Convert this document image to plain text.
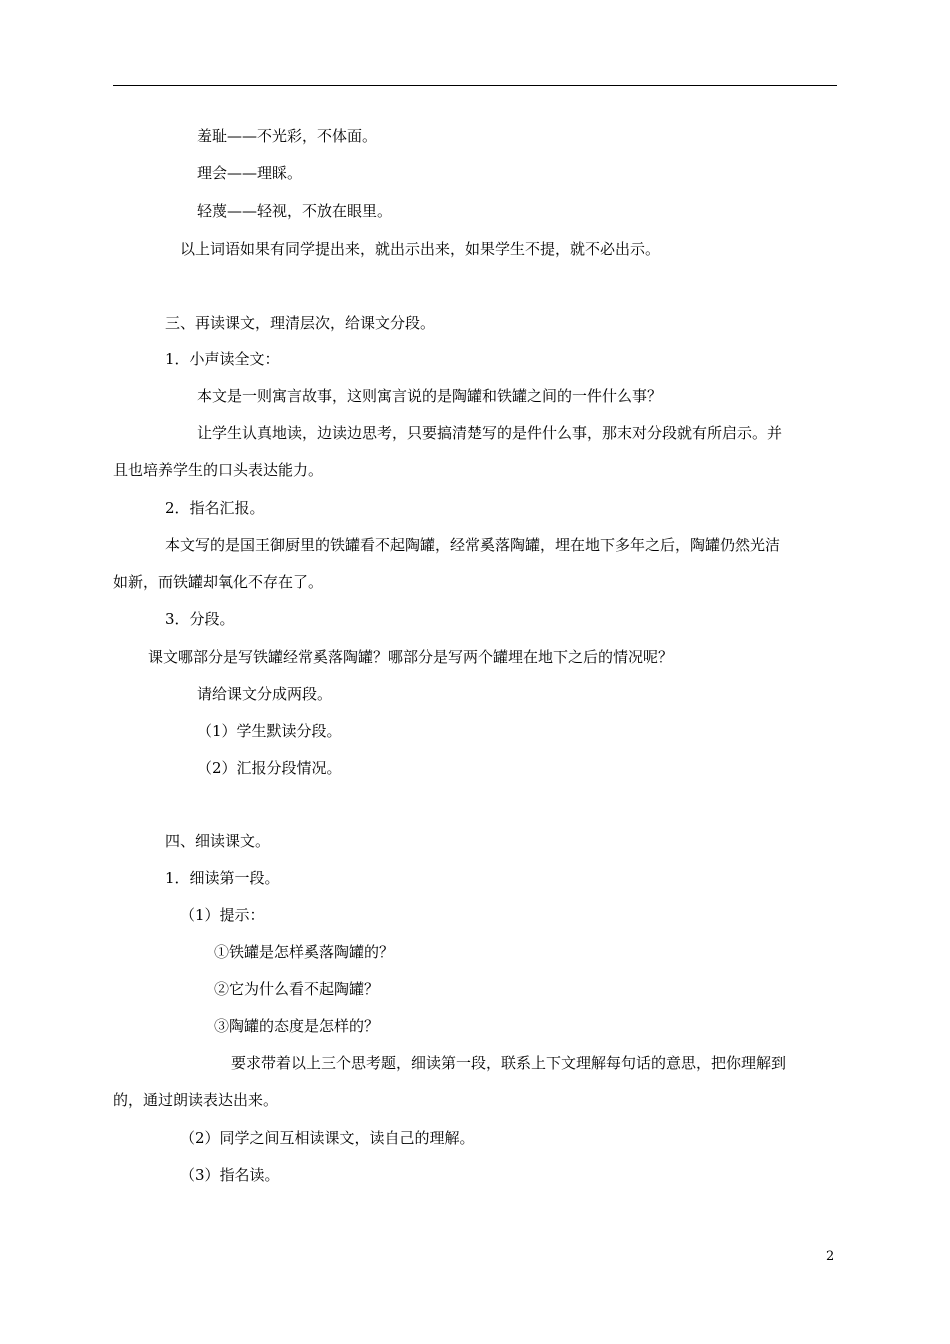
羞耻——不光彩，不体面。
理会——理睬。
轻蔑——轻视，不放在眼里。
以上词语如果有同学提出来，就出示出来，如果学生不提，就不必出示。
三、再读课文，理清层次，给课文分段。
1．小声读全文：
本文是一则寓言故事，这则寓言说的是陶罐和铁罐之间的一件什么事？
让学生认真地读，边读边思考，只要搞清楚写的是件什么事，那末对分段就有所启示。并
且也培养学生的口头表达能力。
2．指名汇报。
本文写的是国王御厨里的铁罐看不起陶罐，经常奚落陶罐，埋在地下多年之后，陶罐仍然光洁
如新，而铁罐却氧化不存在了。
3．分段。
课文哪部分是写铁罐经常奚落陶罐？哪部分是写两个罐埋在地下之后的情况呢？
请给课文分成两段。
（1）学生默读分段。
（2）汇报分段情况。
四、细读课文。
1．细读第一段。
（1）提示：
①铁罐是怎样奚落陶罐的？
②它为什么看不起陶罐？
③陶罐的态度是怎样的？
要求带着以上三个思考题，细读第一段，联系上下文理解每句话的意思，把你理解到
的，通过朗读表达出来。
（2）同学之间互相读课文，读自己的理解。
（3）指名读。
2
